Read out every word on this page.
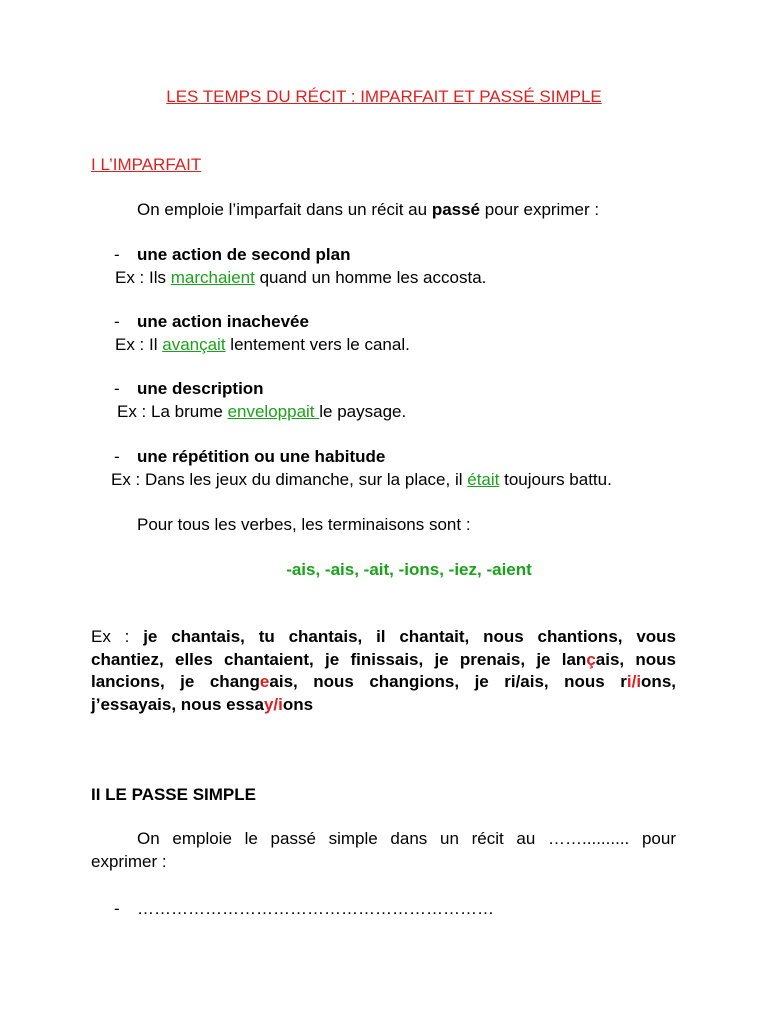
LES TEMPS DU RÉCIT : IMPARFAIT ET PASSÉ SIMPLE
I L’IMPARFAIT
On emploie l’imparfait dans un récit au passé pour exprimer :
- une action de second plan
Ex : Ils marchaient quand un homme les accosta.
- une action inachevée
Ex : Il avançait lentement vers le canal.
- une description
Ex : La brume enveloppait le paysage.
- une répétition ou une habitude
Ex : Dans les jeux du dimanche, sur la place, il était toujours battu.
Pour tous les verbes, les terminaisons sont :
-ais, -ais, -ait, -ions, -iez, -aient
Ex : je chantais, tu chantais, il chantait, nous chantions, vous
chantiez, elles chantaient, je finissais, je prenais, je lançais, nous
lancions, je changeais, nous changions, je ri/ais, nous ri/ions,
j’essayais, nous essay/ions
II LE PASSE SIMPLE
On emploie le passé simple dans un récit au …….......... pour
exprimer :
- ………………………………………………………
